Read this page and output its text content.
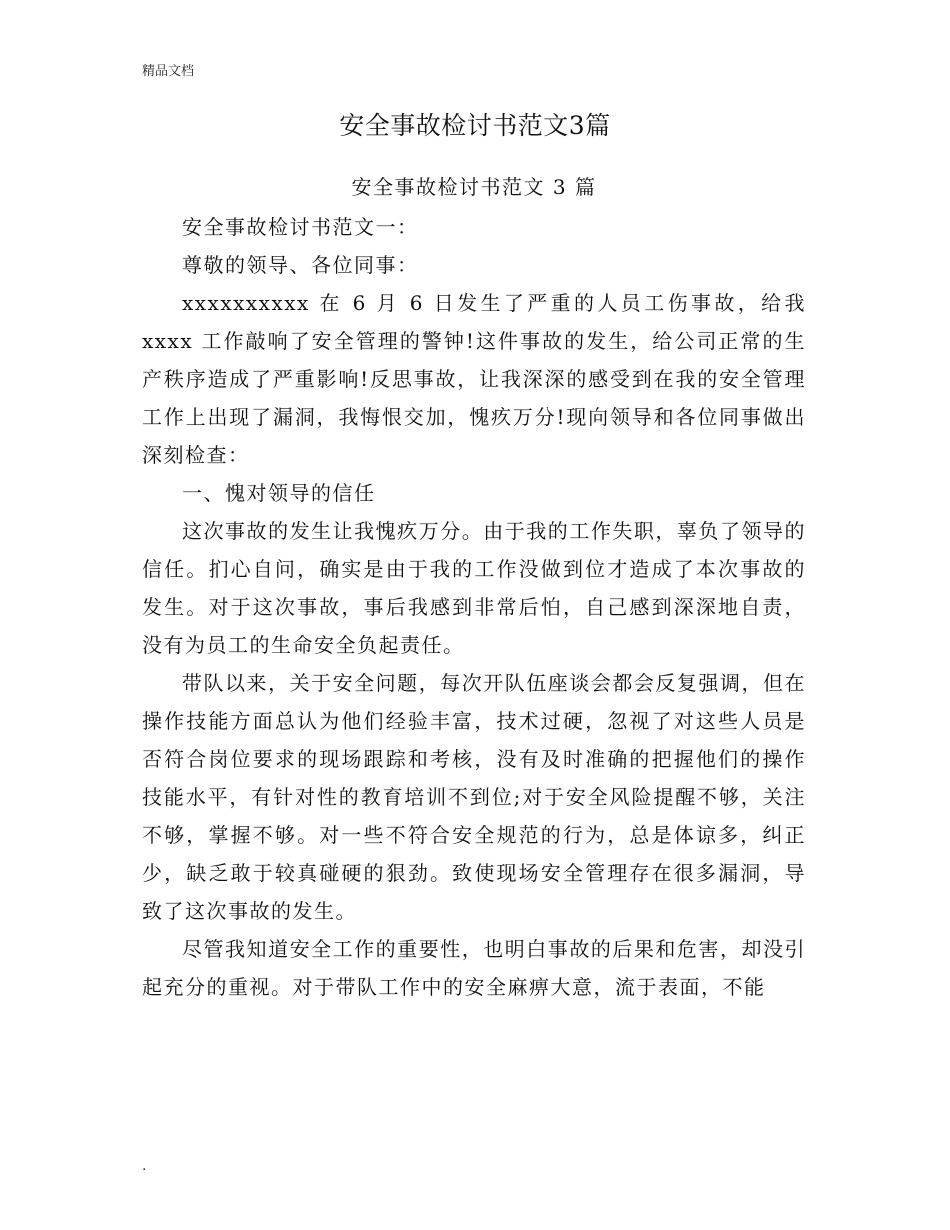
精品文档
安全事故检讨书范文3篇

安全事故检讨书范文 3 篇

安全事故检讨书范文一：

尊敬的领导、各位同事：

xxxxxxxxxx 在 6 月 6 日发生了严重的人员工伤事故，给我 xxxx 工作敲响了安全管理的警钟!这件事故的发生，给公司正常的生产秩序造成了严重影响!反思事故，让我深深的感受到在我的安全管理工作上出现了漏洞，我悔恨交加，愧疚万分!现向领导和各位同事做出深刻检查：

一、愧对领导的信任

这次事故的发生让我愧疚万分。由于我的工作失职，辜负了领导的信任。扪心自问，确实是由于我的工作没做到位才造成了本次事故的发生。对于这次事故，事后我感到非常后怕，自己感到深深地自责，没有为员工的生命安全负起责任。

带队以来，关于安全问题，每次开队伍座谈会都会反复强调，但在操作技能方面总认为他们经验丰富，技术过硬，忽视了对这些人员是否符合岗位要求的现场跟踪和考核，没有及时准确的把握他们的操作技能水平，有针对性的教育培训不到位;对于安全风险提醒不够，关注不够，掌握不够。对一些不符合安全规范的行为，总是体谅多，纠正少，缺乏敢于较真碰硬的狠劲。致使现场安全管理存在很多漏洞，导致了这次事故的发生。

尽管我知道安全工作的重要性，也明白事故的后果和危害，却没引起充分的重视。对于带队工作中的安全麻痹大意，流于表面，不能

.
